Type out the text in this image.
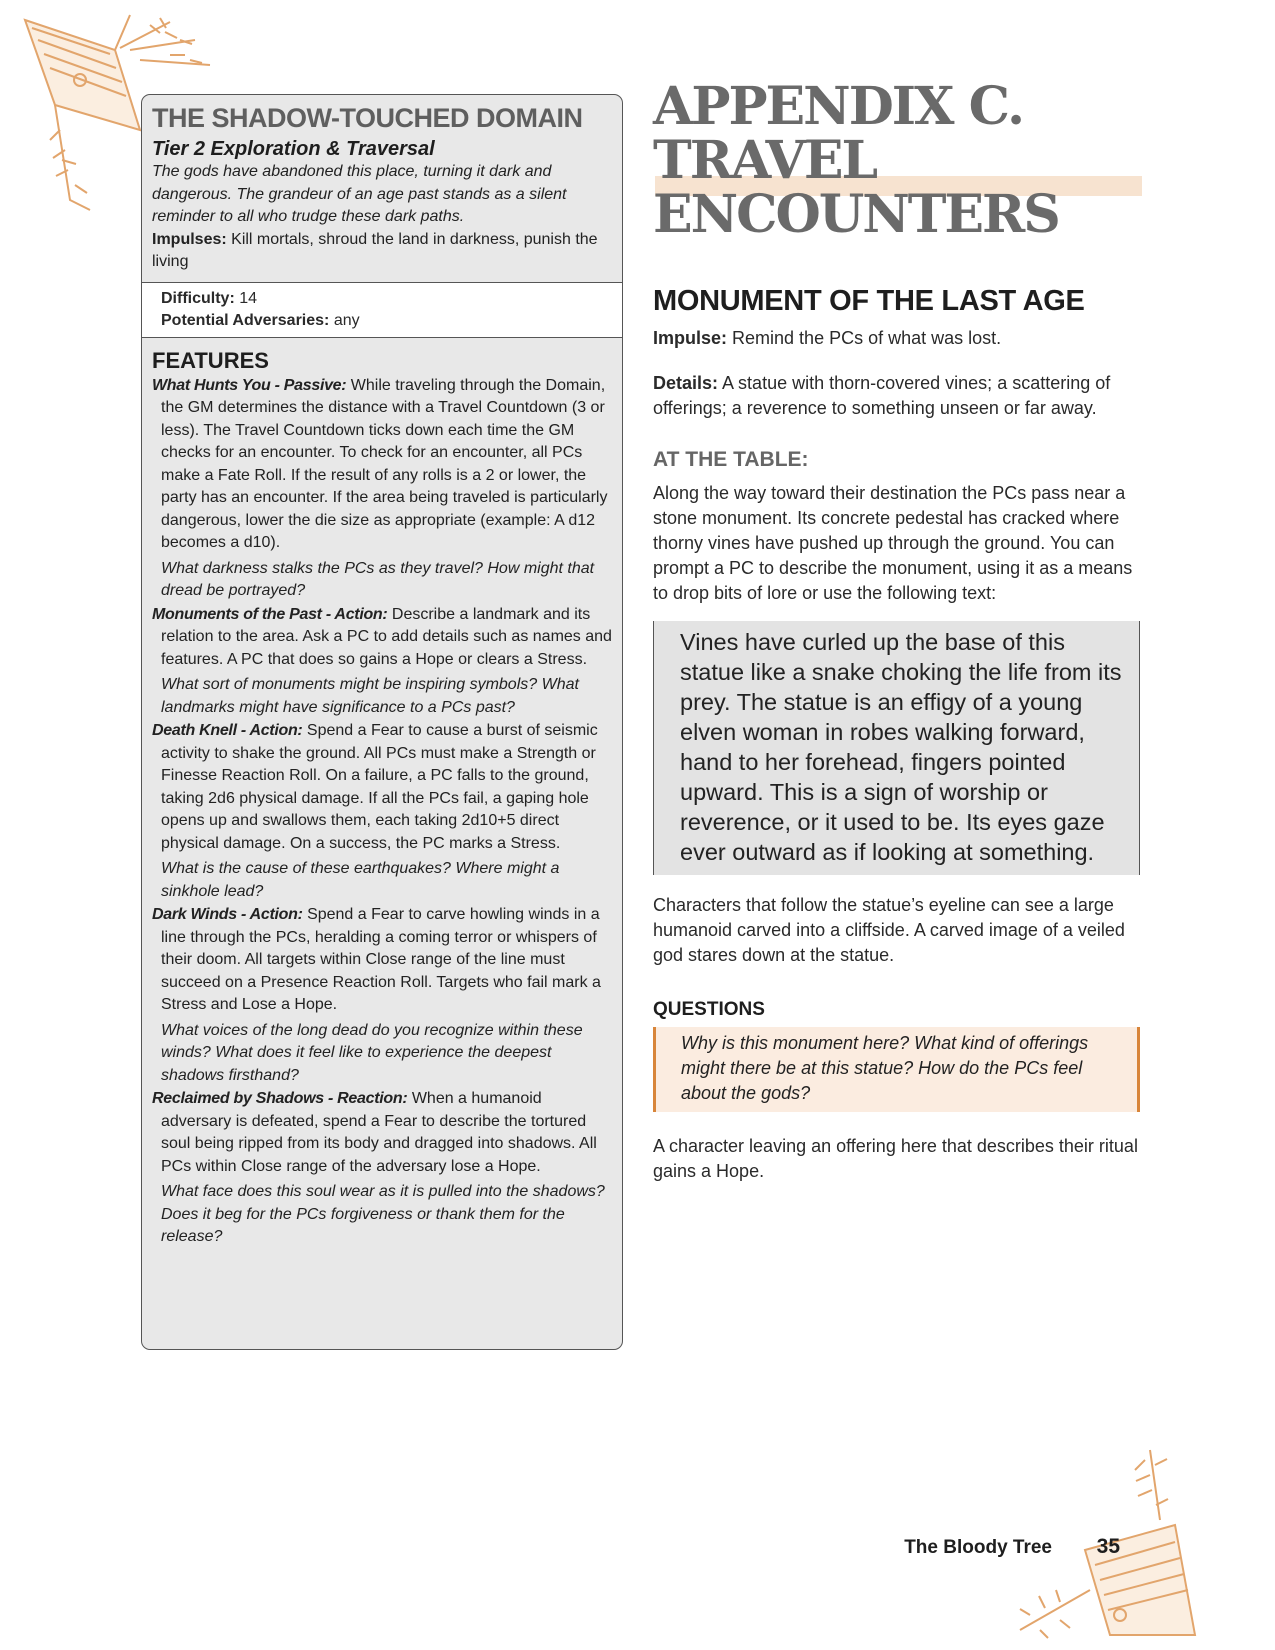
THE SHADOW-TOUCHED DOMAIN
Tier 2 Exploration & Traversal
The gods have abandoned this place, turning it dark and dangerous. The grandeur of an age past stands as a silent reminder to all who trudge these dark paths.
Impulses: Kill mortals, shroud the land in darkness, punish the living
Difficulty: 14
Potential Adversaries: any
FEATURES
What Hunts You - Passive: While traveling through the Domain, the GM determines the distance with a Travel Countdown (3 or less). The Travel Countdown ticks down each time the GM checks for an encounter. To check for an encounter, all PCs make a Fate Roll. If the result of any rolls is a 2 or lower, the party has an encounter. If the area being traveled is particularly dangerous, lower the die size as appropriate (example: A d12 becomes a d10).
What darkness stalks the PCs as they travel? How might that dread be portrayed?
Monuments of the Past - Action: Describe a landmark and its relation to the area. Ask a PC to add details such as names and features. A PC that does so gains a Hope or clears a Stress.
What sort of monuments might be inspiring symbols? What landmarks might have significance to a PCs past?
Death Knell - Action: Spend a Fear to cause a burst of seismic activity to shake the ground. All PCs must make a Strength or Finesse Reaction Roll. On a failure, a PC falls to the ground, taking 2d6 physical damage. If all the PCs fail, a gaping hole opens up and swallows them, each taking 2d10+5 direct physical damage. On a success, the PC marks a Stress.
What is the cause of these earthquakes? Where might a sinkhole lead?
Dark Winds - Action: Spend a Fear to carve howling winds in a line through the PCs, heralding a coming terror or whispers of their doom. All targets within Close range of the line must succeed on a Presence Reaction Roll. Targets who fail mark a Stress and Lose a Hope.
What voices of the long dead do you recognize within these winds? What does it feel like to experience the deepest shadows firsthand?
Reclaimed by Shadows - Reaction: When a humanoid adversary is defeated, spend a Fear to describe the tortured soul being ripped from its body and dragged into shadows. All PCs within Close range of the adversary lose a Hope.
What face does this soul wear as it is pulled into the shadows? Does it beg for the PCs forgiveness or thank them for the release?
APPENDIX C. TRAVEL
ENCOUNTERS
MONUMENT OF THE LAST AGE
Impulse: Remind the PCs of what was lost.
Details: A statue with thorn-covered vines; a scattering of offerings; a reverence to something unseen or far away.
AT THE TABLE:
Along the way toward their destination the PCs pass near a stone monument. Its concrete pedestal has cracked where thorny vines have pushed up through the ground. You can prompt a PC to describe the monument, using it as a means to drop bits of lore or use the following text:
Vines have curled up the base of this statue like a snake choking the life from its prey. The statue is an effigy of a young elven woman in robes walking forward, hand to her forehead, fingers pointed upward. This is a sign of worship or reverence, or it used to be. Its eyes gaze ever outward as if looking at something.
Characters that follow the statue’s eyeline can see a large humanoid carved into a cliffside. A carved image of a veiled god stares down at the statue.
QUESTIONS
Why is this monument here? What kind of offerings might there be at this statue? How do the PCs feel about the gods?
A character leaving an offering here that describes their ritual gains a Hope.
The Bloody Tree 35
